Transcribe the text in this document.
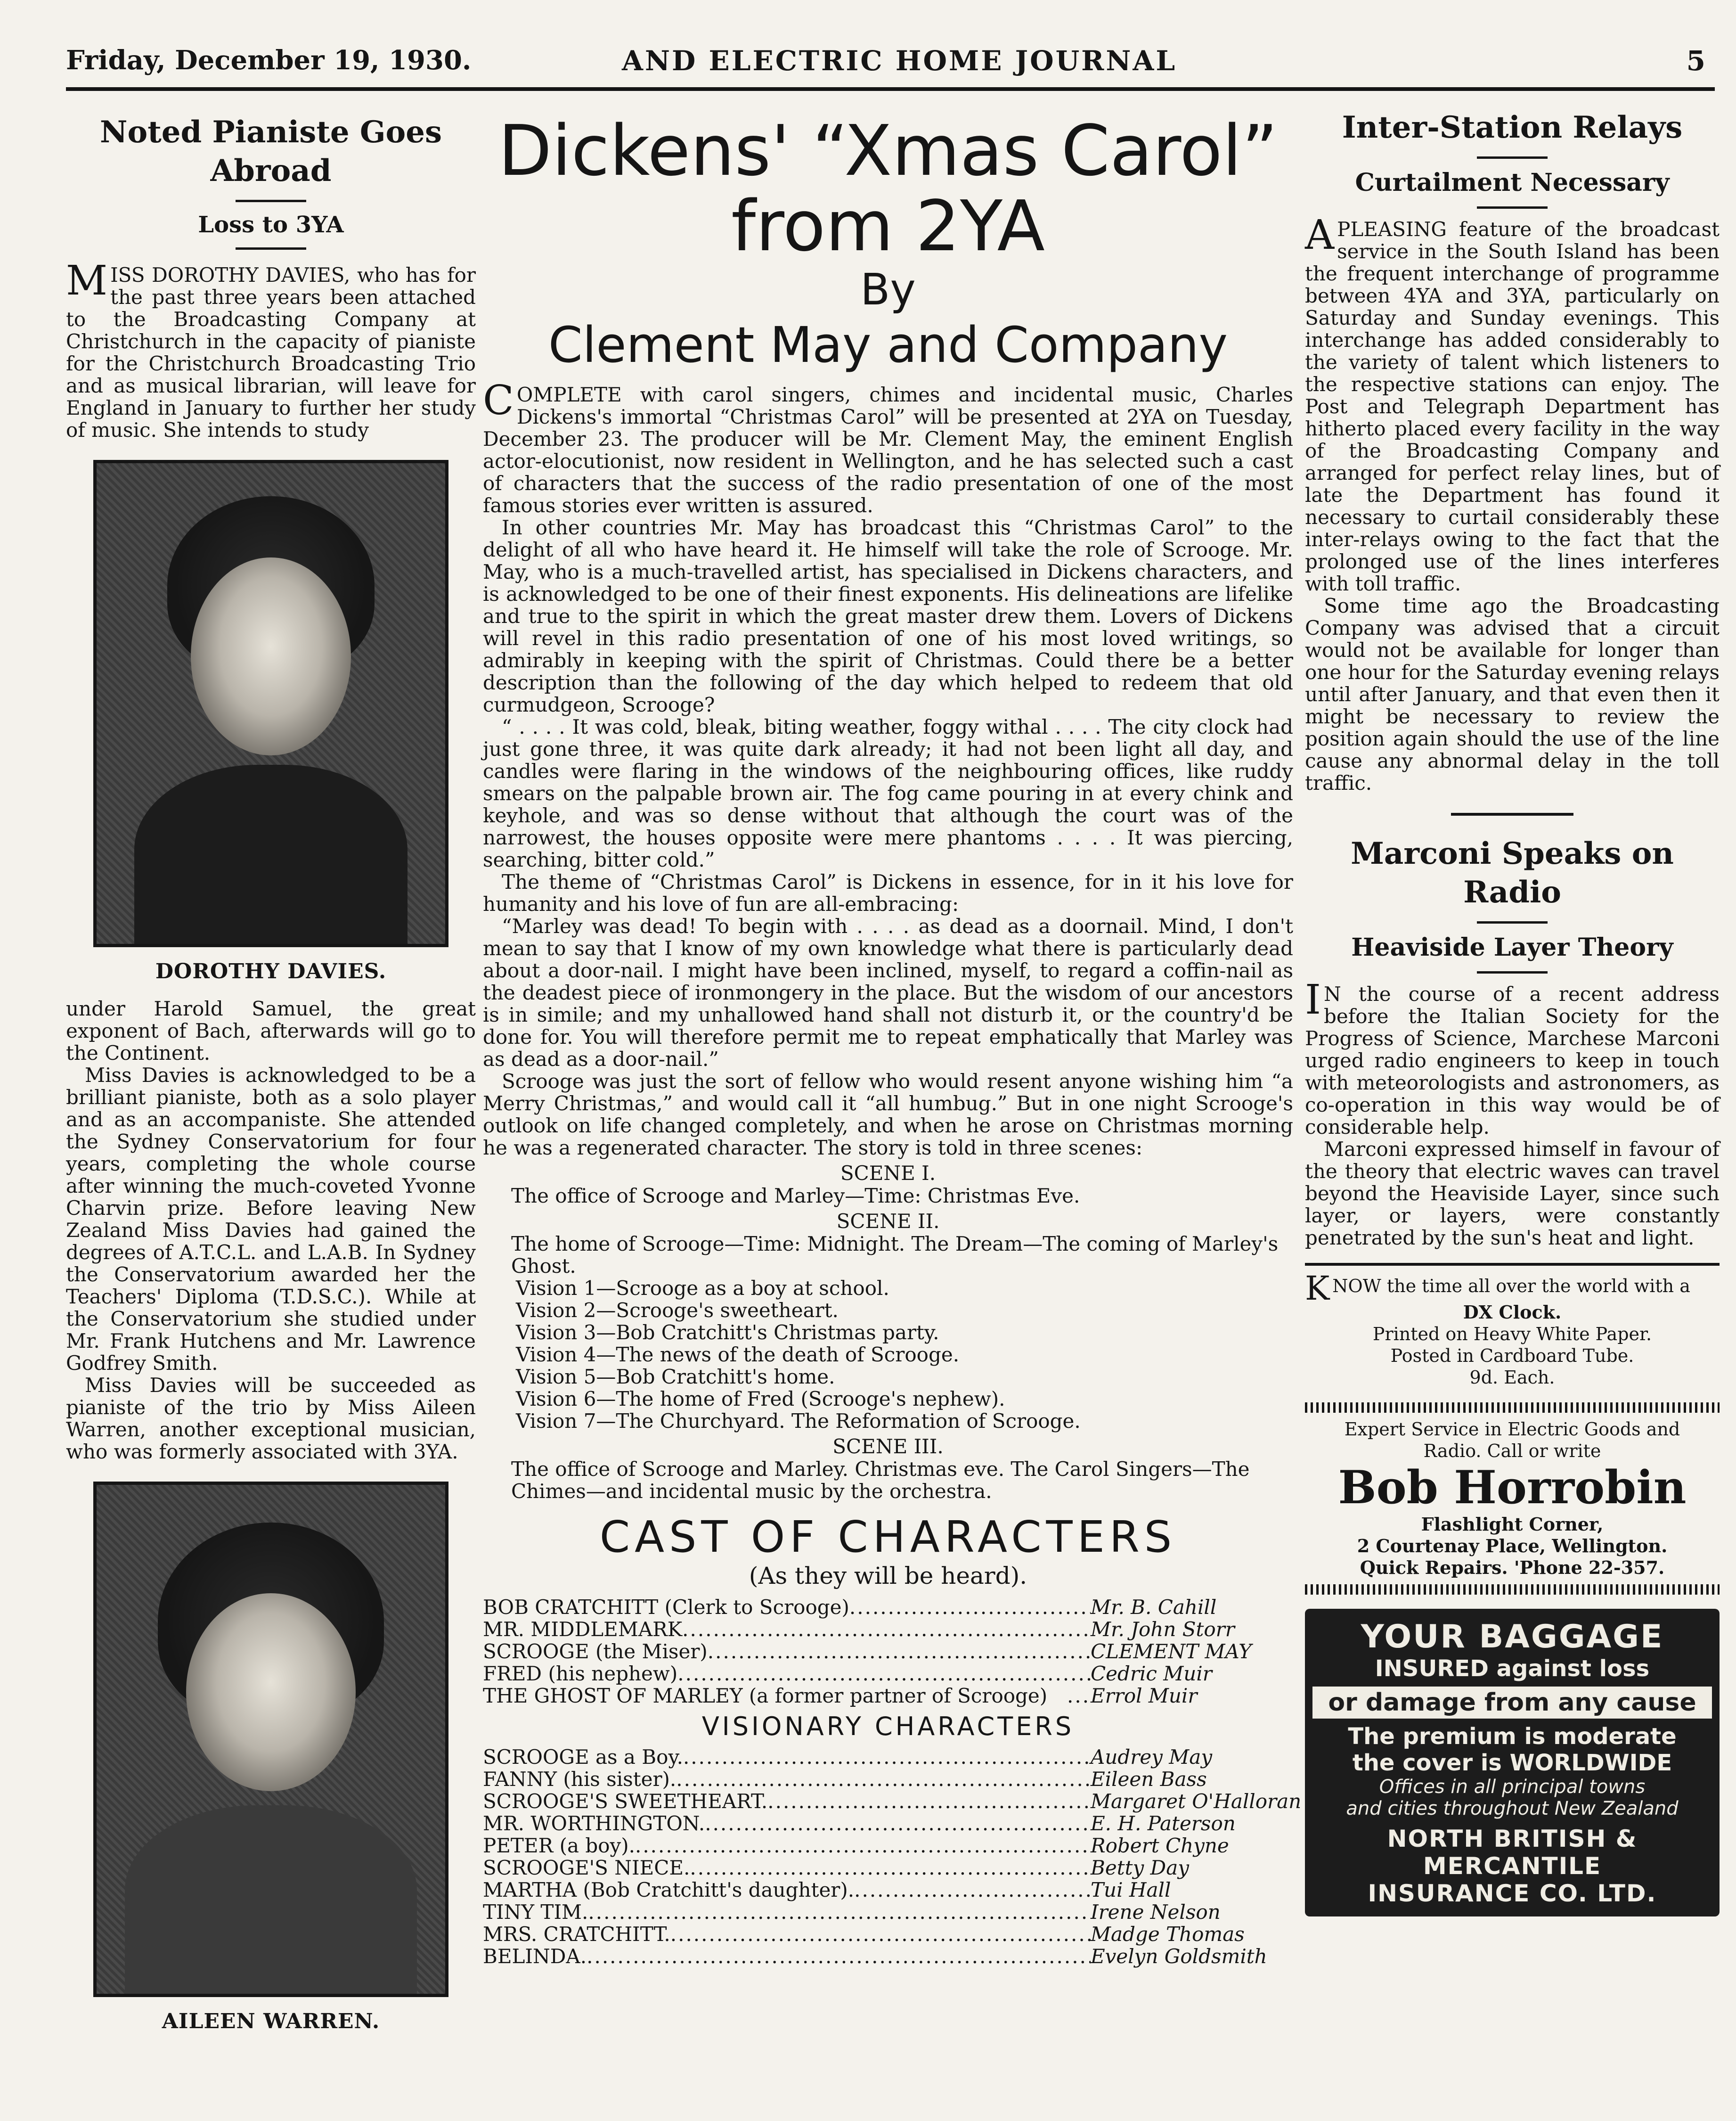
Friday, December 19, 1930.	AND ELECTRIC HOME JOURNAL	5
Noted Pianiste Goes Abroad
Loss to 3YA

MISS DOROTHY DAVIES, who has for the past three years been attached to the Broadcasting Company at Christchurch in the capacity of pianiste for the Christchurch Broadcasting Trio and as musical librarian, will leave for England in January to further her study of music. She intends to study

DOROTHY DAVIES.

under Harold Samuel, the great exponent of Bach, afterwards will go to the Continent.

Miss Davies is acknowledged to be a brilliant pianiste, both as a solo player and as an accompaniste. She attended the Sydney Conservatorium for four years, completing the whole course after winning the much-coveted Yvonne Charvin prize. Before leaving New Zealand Miss Davies had gained the degrees of A.T.C.L. and L.A.B. In Sydney the Conservatorium awarded her the Teachers' Diploma (T.D.S.C.). While at the Conservatorium she studied under Mr. Frank Hutchens and Mr. Lawrence Godfrey Smith.

Miss Davies will be succeeded as pianiste of the trio by Miss Aileen Warren, another exceptional musician, who was formerly associated with 3YA.

AILEEN WARREN.
Dickens' “Xmas Carol” from 2YA
By
Clement May and Company

COMPLETE with carol singers, chimes and incidental music, Charles Dickens's immortal “Christmas Carol” will be presented at 2YA on Tuesday, December 23. The producer will be Mr. Clement May, the eminent English actor-elocutionist, now resident in Wellington, and he has selected such a cast of characters that the success of the radio presentation of one of the most famous stories ever written is assured.

In other countries Mr. May has broadcast this “Christmas Carol” to the delight of all who have heard it. He himself will take the role of Scrooge. Mr. May, who is a much-travelled artist, has specialised in Dickens characters, and is acknowledged to be one of their finest exponents. His delineations are lifelike and true to the spirit in which the great master drew them. Lovers of Dickens will revel in this radio presentation of one of his most loved writings, so admirably in keeping with the spirit of Christmas. Could there be a better description than the following of the day which helped to redeem that old curmudgeon, Scrooge?

“ . . . . It was cold, bleak, biting weather, foggy withal . . . . The city clock had just gone three, it was quite dark already; it had not been light all day, and candles were flaring in the windows of the neighbouring offices, like ruddy smears on the palpable brown air. The fog came pouring in at every chink and keyhole, and was so dense without that although the court was of the narrowest, the houses opposite were mere phantoms . . . . It was piercing, searching, bitter cold.”

The theme of “Christmas Carol” is Dickens in essence, for in it his love for humanity and his love of fun are all-embracing:

“Marley was dead! To begin with . . . . as dead as a doornail. Mind, I don't mean to say that I know of my own knowledge what there is particularly dead about a door-nail. I might have been inclined, myself, to regard a coffin-nail as the deadest piece of ironmongery in the place. But the wisdom of our ancestors is in simile; and my unhallowed hand shall not disturb it, or the country'd be done for. You will therefore permit me to repeat emphatically that Marley was as dead as a door-nail.”

Scrooge was just the sort of fellow who would resent anyone wishing him “a Merry Christmas,” and would call it “all humbug.” But in one night Scrooge's outlook on life changed completely, and when he arose on Christmas morning he was a regenerated character. The story is told in three scenes:

SCENE I.
The office of Scrooge and Marley—Time: Christmas Eve.
SCENE II.
The home of Scrooge—Time: Midnight. The Dream—The coming of Marley's Ghost.
Vision 1—Scrooge as a boy at school.
Vision 2—Scrooge's sweetheart.
Vision 3—Bob Cratchitt's Christmas party.
Vision 4—The news of the death of Scrooge.
Vision 5—Bob Cratchitt's home.
Vision 6—The home of Fred (Scrooge's nephew).
Vision 7—The Churchyard. The Reformation of Scrooge.
SCENE III.
The office of Scrooge and Marley. Christmas eve. The Carol Singers—The Chimes—and incidental music by the orchestra.
CAST OF CHARACTERS
(As they will be heard).
BOB CRATCHITT (Clerk to Scrooge) .....	Mr. B. Cahill
MR. MIDDLEMARK .....	Mr. John Storr
SCROOGE (the Miser) .....	CLEMENT MAY
FRED (his nephew) .....	Cedric Muir
THE GHOST OF MARLEY (a former partner of Scrooge) .....	Errol Muir
VISIONARY CHARACTERS
SCROOGE as a Boy. .....	Audrey May
FANNY (his sister). .....	Eileen Bass
SCROOGE'S SWEETHEART. .....	Margaret O'Halloran
MR. WORTHINGTON. .....	E. H. Paterson
PETER (a boy). .....	Robert Chyne
SCROOGE'S NIECE. .....	Betty Day
MARTHA (Bob Cratchitt's daughter). .....	Tui Hall
TINY TIM. .....	Irene Nelson
MRS. CRATCHITT. .....	Madge Thomas
BELINDA. .....	Evelyn Goldsmith
Inter-Station Relays
Curtailment Necessary

APLEASING feature of the broadcast service in the South Island has been the frequent interchange of programme between 4YA and 3YA, particularly on Saturday and Sunday evenings. This interchange has added considerably to the variety of talent which listeners to the respective stations can enjoy. The Post and Telegraph Department has hitherto placed every facility in the way of the Broadcasting Company and arranged for perfect relay lines, but of late the Department has found it necessary to curtail considerably these inter-relays owing to the fact that the prolonged use of the lines interferes with toll traffic.

Some time ago the Broadcasting Company was advised that a circuit would not be available for longer than one hour for the Saturday evening relays until after January, and that even then it might be necessary to review the position again should the use of the line cause any abnormal delay in the toll traffic.

Marconi Speaks on Radio
Heaviside Layer Theory

I N the course of a recent address before the Italian Society for the Progress of Science, Marchese Marconi urged radio engineers to keep in touch with meteorologists and astronomers, as co-operation in this way would be of considerable help.

Marconi expressed himself in favour of the theory that electric waves can travel beyond the Heaviside Layer, since such layer, or layers, were constantly penetrated by the sun's heat and light.

KNOW the time all over the world with a
DX Clock.
Printed on Heavy White Paper.
Posted in Cardboard Tube.
9d. Each.
Expert Service in Electric Goods and Radio. Call or write
Bob Horrobin
Flashlight Corner,
2 Courtenay Place, Wellington.
Quick Repairs. 'Phone 22-357.
YOUR BAGGAGE
INSURED against loss
or damage from any cause
The premium is moderate
the cover is WORLDWIDE
Offices in all principal towns
and cities throughout New Zealand
NORTH BRITISH & MERCANTILE
INSURANCE CO. LTD.
